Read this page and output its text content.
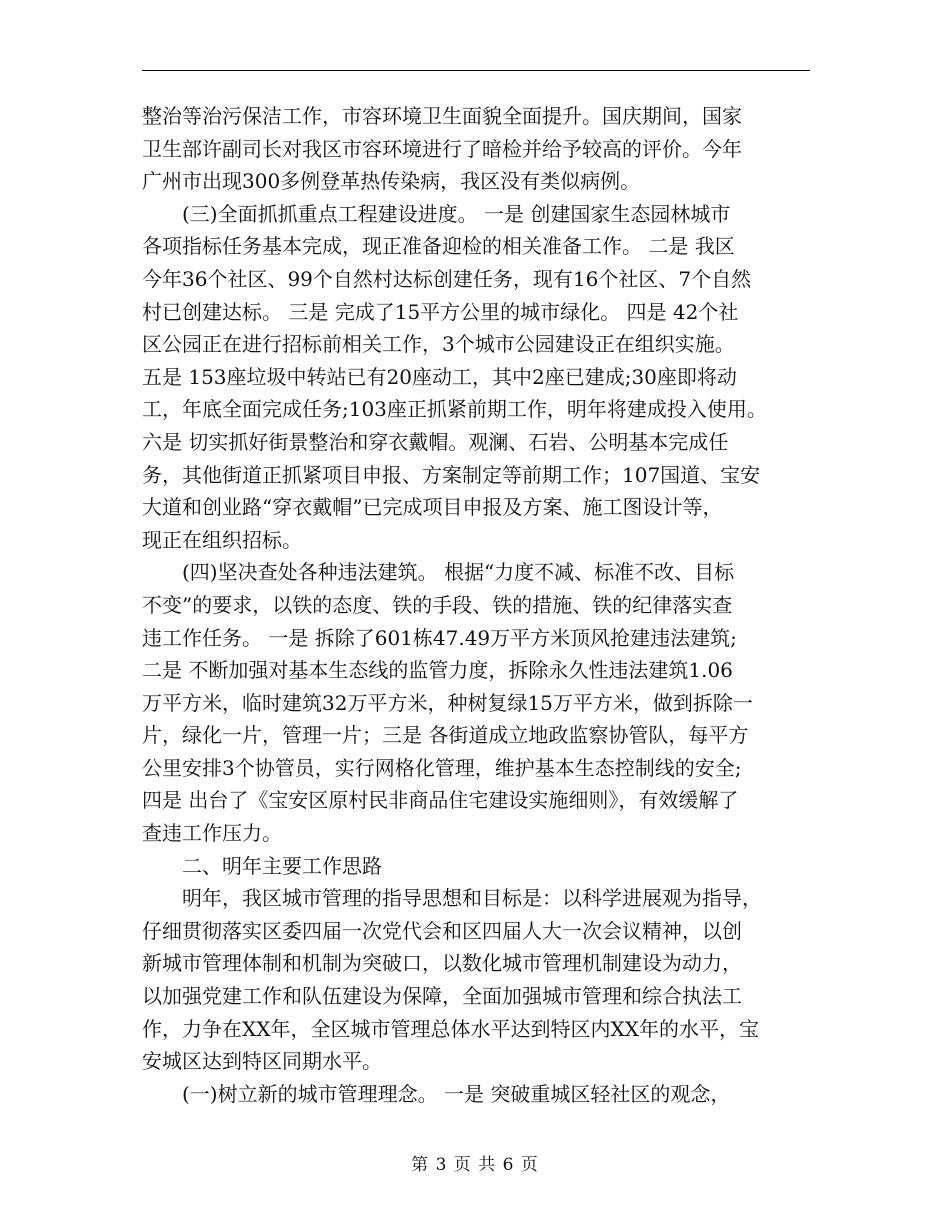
整治等治污保洁工作，市容环境卫生面貌全面提升。国庆期间，国家
卫生部许副司长对我区市容环境进行了暗检并给予较高的评价。今年
广州市出现300多例登革热传染病，我区没有类似病例。
　　(三)全面抓抓重点工程建设进度。 一是 创建国家生态园林城市
各项指标任务基本完成，现正准备迎检的相关准备工作。 二是 我区
今年36个社区、99个自然村达标创建任务，现有16个社区、7个自然
村已创建达标。 三是 完成了15平方公里的城市绿化。 四是 42个社
区公园正在进行招标前相关工作，3个城市公园建设正在组织实施。
五是 153座垃圾中转站已有20座动工，其中2座已建成;30座即将动
工，年底全面完成任务;103座正抓紧前期工作，明年将建成投入使用。
六是 切实抓好街景整治和穿衣戴帽。观澜、石岩、公明基本完成任
务，其他街道正抓紧项目申报、方案制定等前期工作；107国道、宝安
大道和创业路“穿衣戴帽”已完成项目申报及方案、施工图设计等，
现正在组织招标。
　　(四)坚决查处各种违法建筑。 根据“力度不减、标准不改、目标
不变”的要求，以铁的态度、铁的手段、铁的措施、铁的纪律落实查
违工作任务。 一是 拆除了601栋47.49万平方米顶风抢建违法建筑;
二是 不断加强对基本生态线的监管力度，拆除永久性违法建筑1.06
万平方米，临时建筑32万平方米，种树复绿15万平方米，做到拆除一
片，绿化一片，管理一片；三是 各街道成立地政监察协管队，每平方
公里安排3个协管员，实行网格化管理，维护基本生态控制线的安全;
四是 出台了《宝安区原村民非商品住宅建设实施细则》，有效缓解了
查违工作压力。
　　二、明年主要工作思路
　　明年，我区城市管理的指导思想和目标是：以科学进展观为指导，
仔细贯彻落实区委四届一次党代会和区四届人大一次会议精神，以创
新城市管理体制和机制为突破口，以数化城市管理机制建设为动力，
以加强党建工作和队伍建设为保障，全面加强城市管理和综合执法工
作，力争在XX年，全区城市管理总体水平达到特区内XX年的水平，宝
安城区达到特区同期水平。
　　(一)树立新的城市管理理念。 一是 突破重城区轻社区的观念，
第 3 页 共 6 页
